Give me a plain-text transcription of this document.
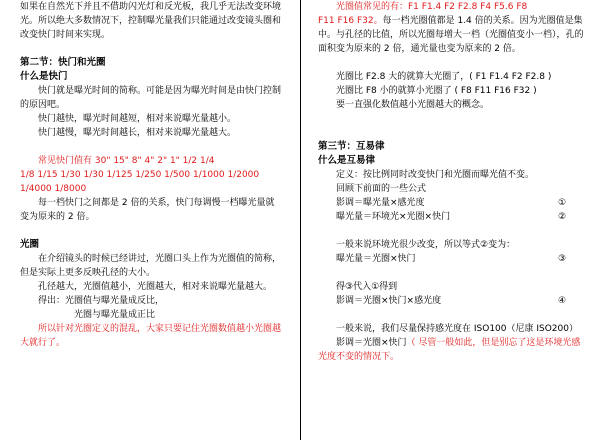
如果在自然光下并且不借助闪光灯和反光板，我几乎无法改变环境光。所以绝大多数情况下，控制曝光量我们只能通过改变镜头圈和改变快门时间来实现。

第二节：快门和光圈

什么是快门

快门就是曝光时间的简称。可能是因为曝光时间是由快门控制的原因吧。

快门越快，曝光时间越短，相对来说曝光量越小。

快门越慢，曝光时间越长，相对来说曝光量越大。

常见快门值有 30" 15" 8" 4" 2" 1" 1/2 1/4

1/8 1/15 1/30 1/30 1/125 1/250 1/500 1/1000 1/2000

1/4000 1/8000

每一档快门之间都是 2 倍的关系，快门每调慢一档曝光量就变为原来的 2 倍。

光圈

在介绍镜头的时候已经讲过，光圈口头上作为光圈值的简称，但是实际上更多反映孔径的大小。

孔径越大，光圈值越小，光圈越大，相对来说曝光量越大。

得出：光圈值与曝光量成反比，

光圈与曝光量成正比

所以针对光圈定义的混乱，大家只要记住光圈数值越小光圈越大就行了。

光圈值常见的有：F1 F1.4 F2 F2.8 F4 F5.6 F8

F11 F16 F32。每一档光圈值都是 1.4 倍的关系。因为光圈值是集中。与孔径的比值，所以光圈每增大一档（光圈值变小一档），孔的面积变为原来的 2 倍，通光量也变为原来的 2 倍。

光圈比 F2.8 大的就算大光圈了，( F1 F1.4 F2 F2.8 )

光圈比 F8 小的就算小光圈了 ( F8 F11 F16 F32 )

要一直强化数值越小光圈越大的概念。

第三节：互易律

什么是互易律

定义：按比例同时改变快门和光圈而曝光值不变。

回顾下前面的一些公式

影调＝曝光量×感光度	①
曝光量＝环境光×光圈×快门	②

一般来说环境光很少改变，所以等式②变为：

曝光量＝光圈×快门	③

得③代入①得到

影调＝光圈×快门×感光度	④

一般来说，我们尽量保持感光度在 ISO100（尼康 ISO200）

影调＝光圈×快门（ 尽管一般如此，但是别忘了这是环境光感光度不变的情况下。
